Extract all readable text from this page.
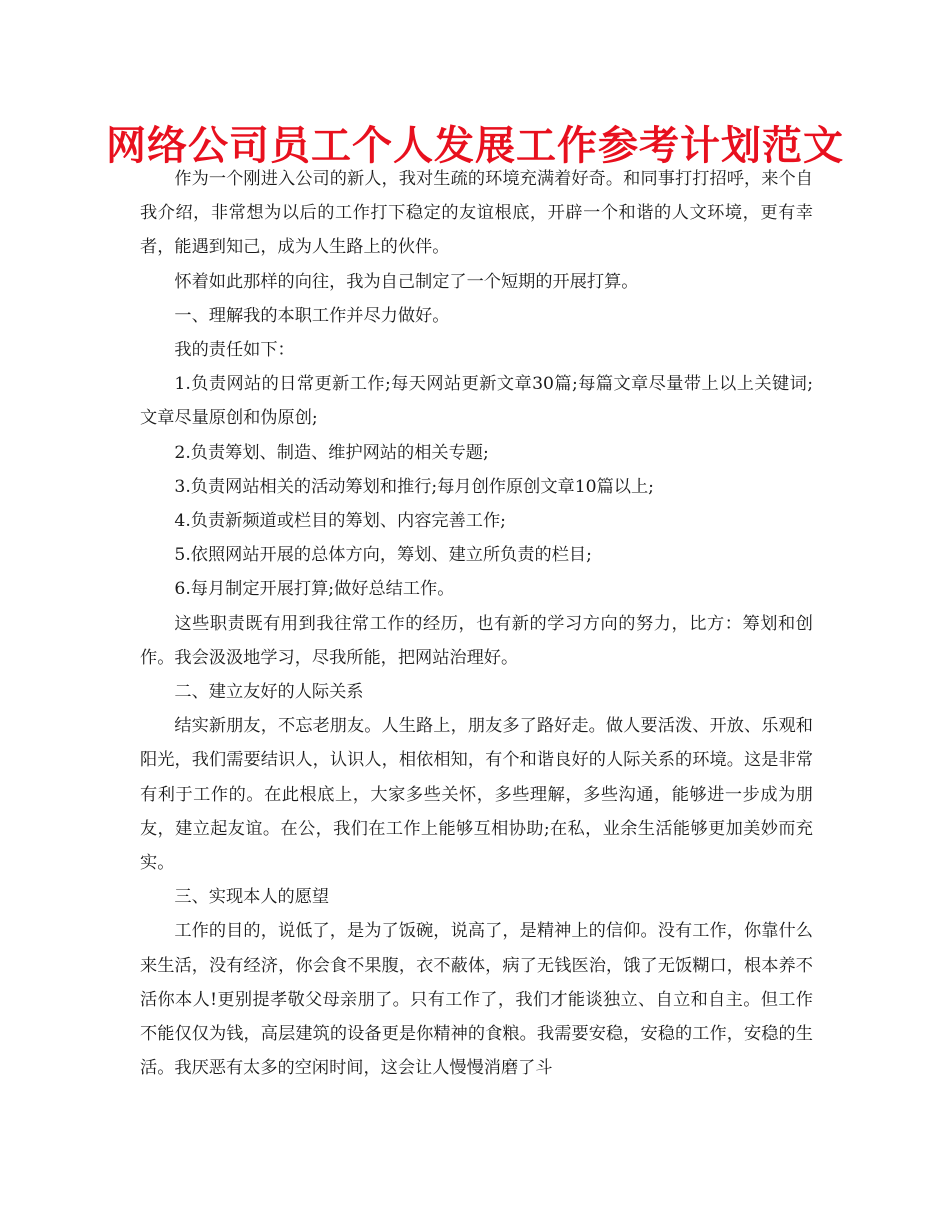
网络公司员工个人发展工作参考计划范文

作为一个刚进入公司的新人，我对生疏的环境充满着好奇。和同事打打招呼，来个自我介绍，非常想为以后的工作打下稳定的友谊根底，开辟一个和谐的人文环境，更有幸者，能遇到知己，成为人生路上的伙伴。

怀着如此那样的向往，我为自己制定了一个短期的开展打算。

一、理解我的本职工作并尽力做好。

我的责任如下：

1.负责网站的日常更新工作;每天网站更新文章30篇;每篇文章尽量带上以上关键词;文章尽量原创和伪原创;

2.负责筹划、制造、维护网站的相关专题;

3.负责网站相关的活动筹划和推行;每月创作原创文章10篇以上;

4.负责新频道或栏目的筹划、内容完善工作;

5.依照网站开展的总体方向，筹划、建立所负责的栏目;

6.每月制定开展打算;做好总结工作。

这些职责既有用到我往常工作的经历，也有新的学习方向的努力，比方：筹划和创作。我会汲汲地学习，尽我所能，把网站治理好。

二、建立友好的人际关系

结实新朋友，不忘老朋友。人生路上，朋友多了路好走。做人要活泼、开放、乐观和阳光，我们需要结识人，认识人，相依相知，有个和谐良好的人际关系的环境。这是非常有利于工作的。在此根底上，大家多些关怀，多些理解，多些沟通，能够进一步成为朋友，建立起友谊。在公，我们在工作上能够互相协助;在私，业余生活能够更加美妙而充实。

三、实现本人的愿望

工作的目的，说低了，是为了饭碗，说高了，是精神上的信仰。没有工作，你靠什么来生活，没有经济，你会食不果腹，衣不蔽体，病了无钱医治，饿了无饭糊口，根本养不活你本人!更别提孝敬父母亲朋了。只有工作了，我们才能谈独立、自立和自主。但工作不能仅仅为钱，高层建筑的设备更是你精神的食粮。我需要安稳，安稳的工作，安稳的生活。我厌恶有太多的空闲时间，这会让人慢慢消磨了斗
